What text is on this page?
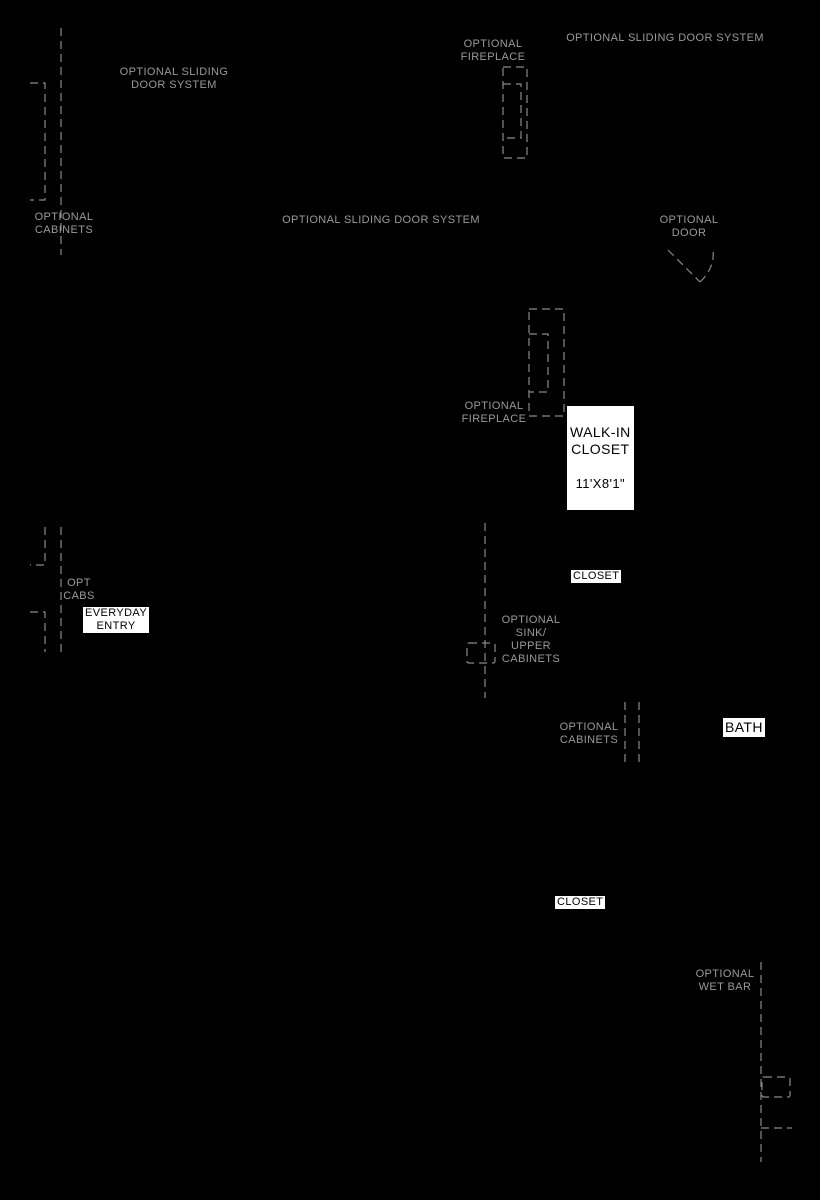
OPTIONAL SLIDING
DOOR SYSTEM
OPTIONAL
FIREPLACE
OPTIONAL SLIDING DOOR SYSTEM
OPTIONAL
CABINETS
OPTIONAL SLIDING DOOR SYSTEM	OPTIONAL
DOOR
OPTIONAL
FIREPLACE
OPT
CABS
OPTIONAL
SINK/
UPPER
CABINETS
OPTIONAL
CABINETS
OPTIONAL
WET BAR

WALK-IN
CLOSET

11'X8'1"

CLOSET
EVERYDAY
ENTRY
BATH
CLOSET
